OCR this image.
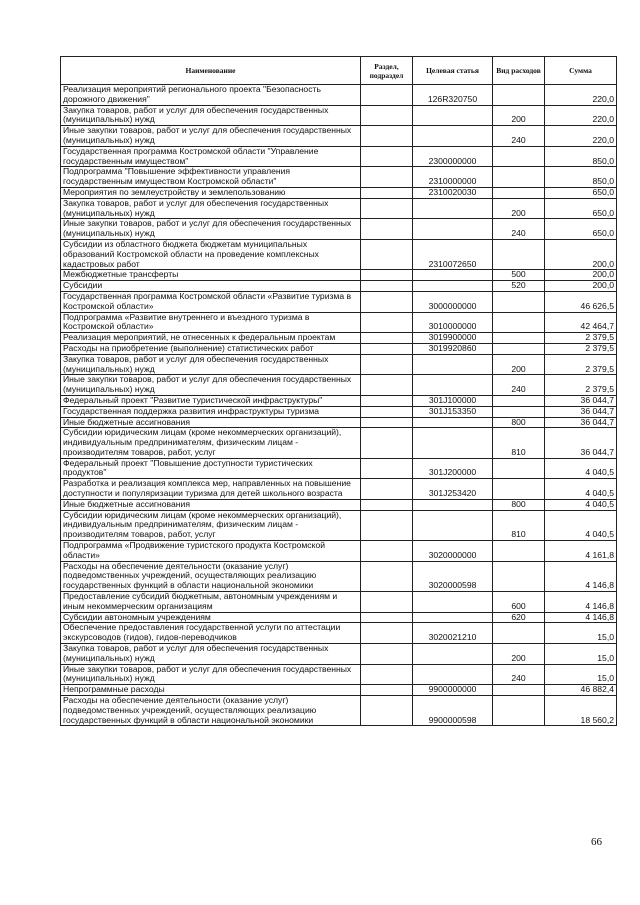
Наименование	Раздел, подраздел	Целевая статья	Вид расходов	Сумма
Реализация мероприятий регионального проекта "Безопасность дорожного движения"		126R320750		220,0
Закупка товаров, работ и услуг для обеспечения государственных (муниципальных) нужд			200	220,0
Иные закупки товаров, работ и услуг для обеспечения государственных (муниципальных) нужд			240	220,0
Государственная программа Костромской области "Управление государственным имуществом"		2300000000		850,0
Подпрограмма "Повышение эффективности управления государственным имуществом Костромской области"		2310000000		850,0
Мероприятия по землеустройству и землепользованию		2310020030		650,0
Закупка товаров, работ и услуг для обеспечения государственных (муниципальных) нужд			200	650,0
Иные закупки товаров, работ и услуг для обеспечения государственных (муниципальных) нужд			240	650,0
Субсидии из областного бюджета бюджетам муниципальных образований Костромской области на проведение комплексных кадастровых работ		2310072650		200,0
Межбюджетные трансферты			500	200,0
Субсидии			520	200,0
Государственная программа Костромской области «Развитие туризма в Костромской области»		3000000000		46 626,5
Подпрограмма «Развитие внутреннего и въездного туризма в Костромской области»		3010000000		42 464,7
Реализация мероприятий, не отнесенных к федеральным проектам		3019900000		2 379,5
Расходы на приобретение (выполнение) статистических работ		3019920860		2 379,5
Закупка товаров, работ и услуг для обеспечения государственных (муниципальных) нужд			200	2 379,5
Иные закупки товаров, работ и услуг для обеспечения государственных (муниципальных) нужд			240	2 379,5
Федеральный проект "Развитие туристической инфраструктуры"		301J100000		36 044,7
Государственная поддержка развития инфраструктуры туризма		301J153350		36 044,7
Иные бюджетные ассигнования			800	36 044,7
Субсидии юридическим лицам (кроме некоммерческих организаций), индивидуальным предпринимателям, физическим лицам - производителям товаров, работ, услуг			810	36 044,7
Федеральный проект "Повышение доступности туристических продуктов"		301J200000		4 040,5
Разработка и реализация комплекса мер, направленных на повышение доступности и популяризации туризма для детей школьного возраста		301J253420		4 040,5
Иные бюджетные ассигнования			800	4 040,5
Субсидии юридическим лицам (кроме некоммерческих организаций), индивидуальным предпринимателям, физическим лицам - производителям товаров, работ, услуг			810	4 040,5
Подпрограмма «Продвижение туристского продукта Костромской области»		3020000000		4 161,8
Расходы на обеспечение деятельности (оказание услуг) подведомственных учреждений, осуществляющих реализацию государственных функций в области национальной экономики		3020000598		4 146,8
Предоставление субсидий бюджетным, автономным учреждениям и иным некоммерческим организациям			600	4 146,8
Субсидии автономным учреждениям			620	4 146,8
Обеспечение предоставления государственной услуги по аттестации экскурсоводов (гидов), гидов-переводчиков		3020021210		15,0
Закупка товаров, работ и услуг для обеспечения государственных (муниципальных) нужд			200	15,0
Иные закупки товаров, работ и услуг для обеспечения государственных (муниципальных) нужд			240	15,0
Непрограммные расходы		9900000000		46 882,4
Расходы на обеспечение деятельности (оказание услуг) подведомственных учреждений, осуществляющих реализацию государственных функций в области национальной экономики		9900000598		18 560,2
66
